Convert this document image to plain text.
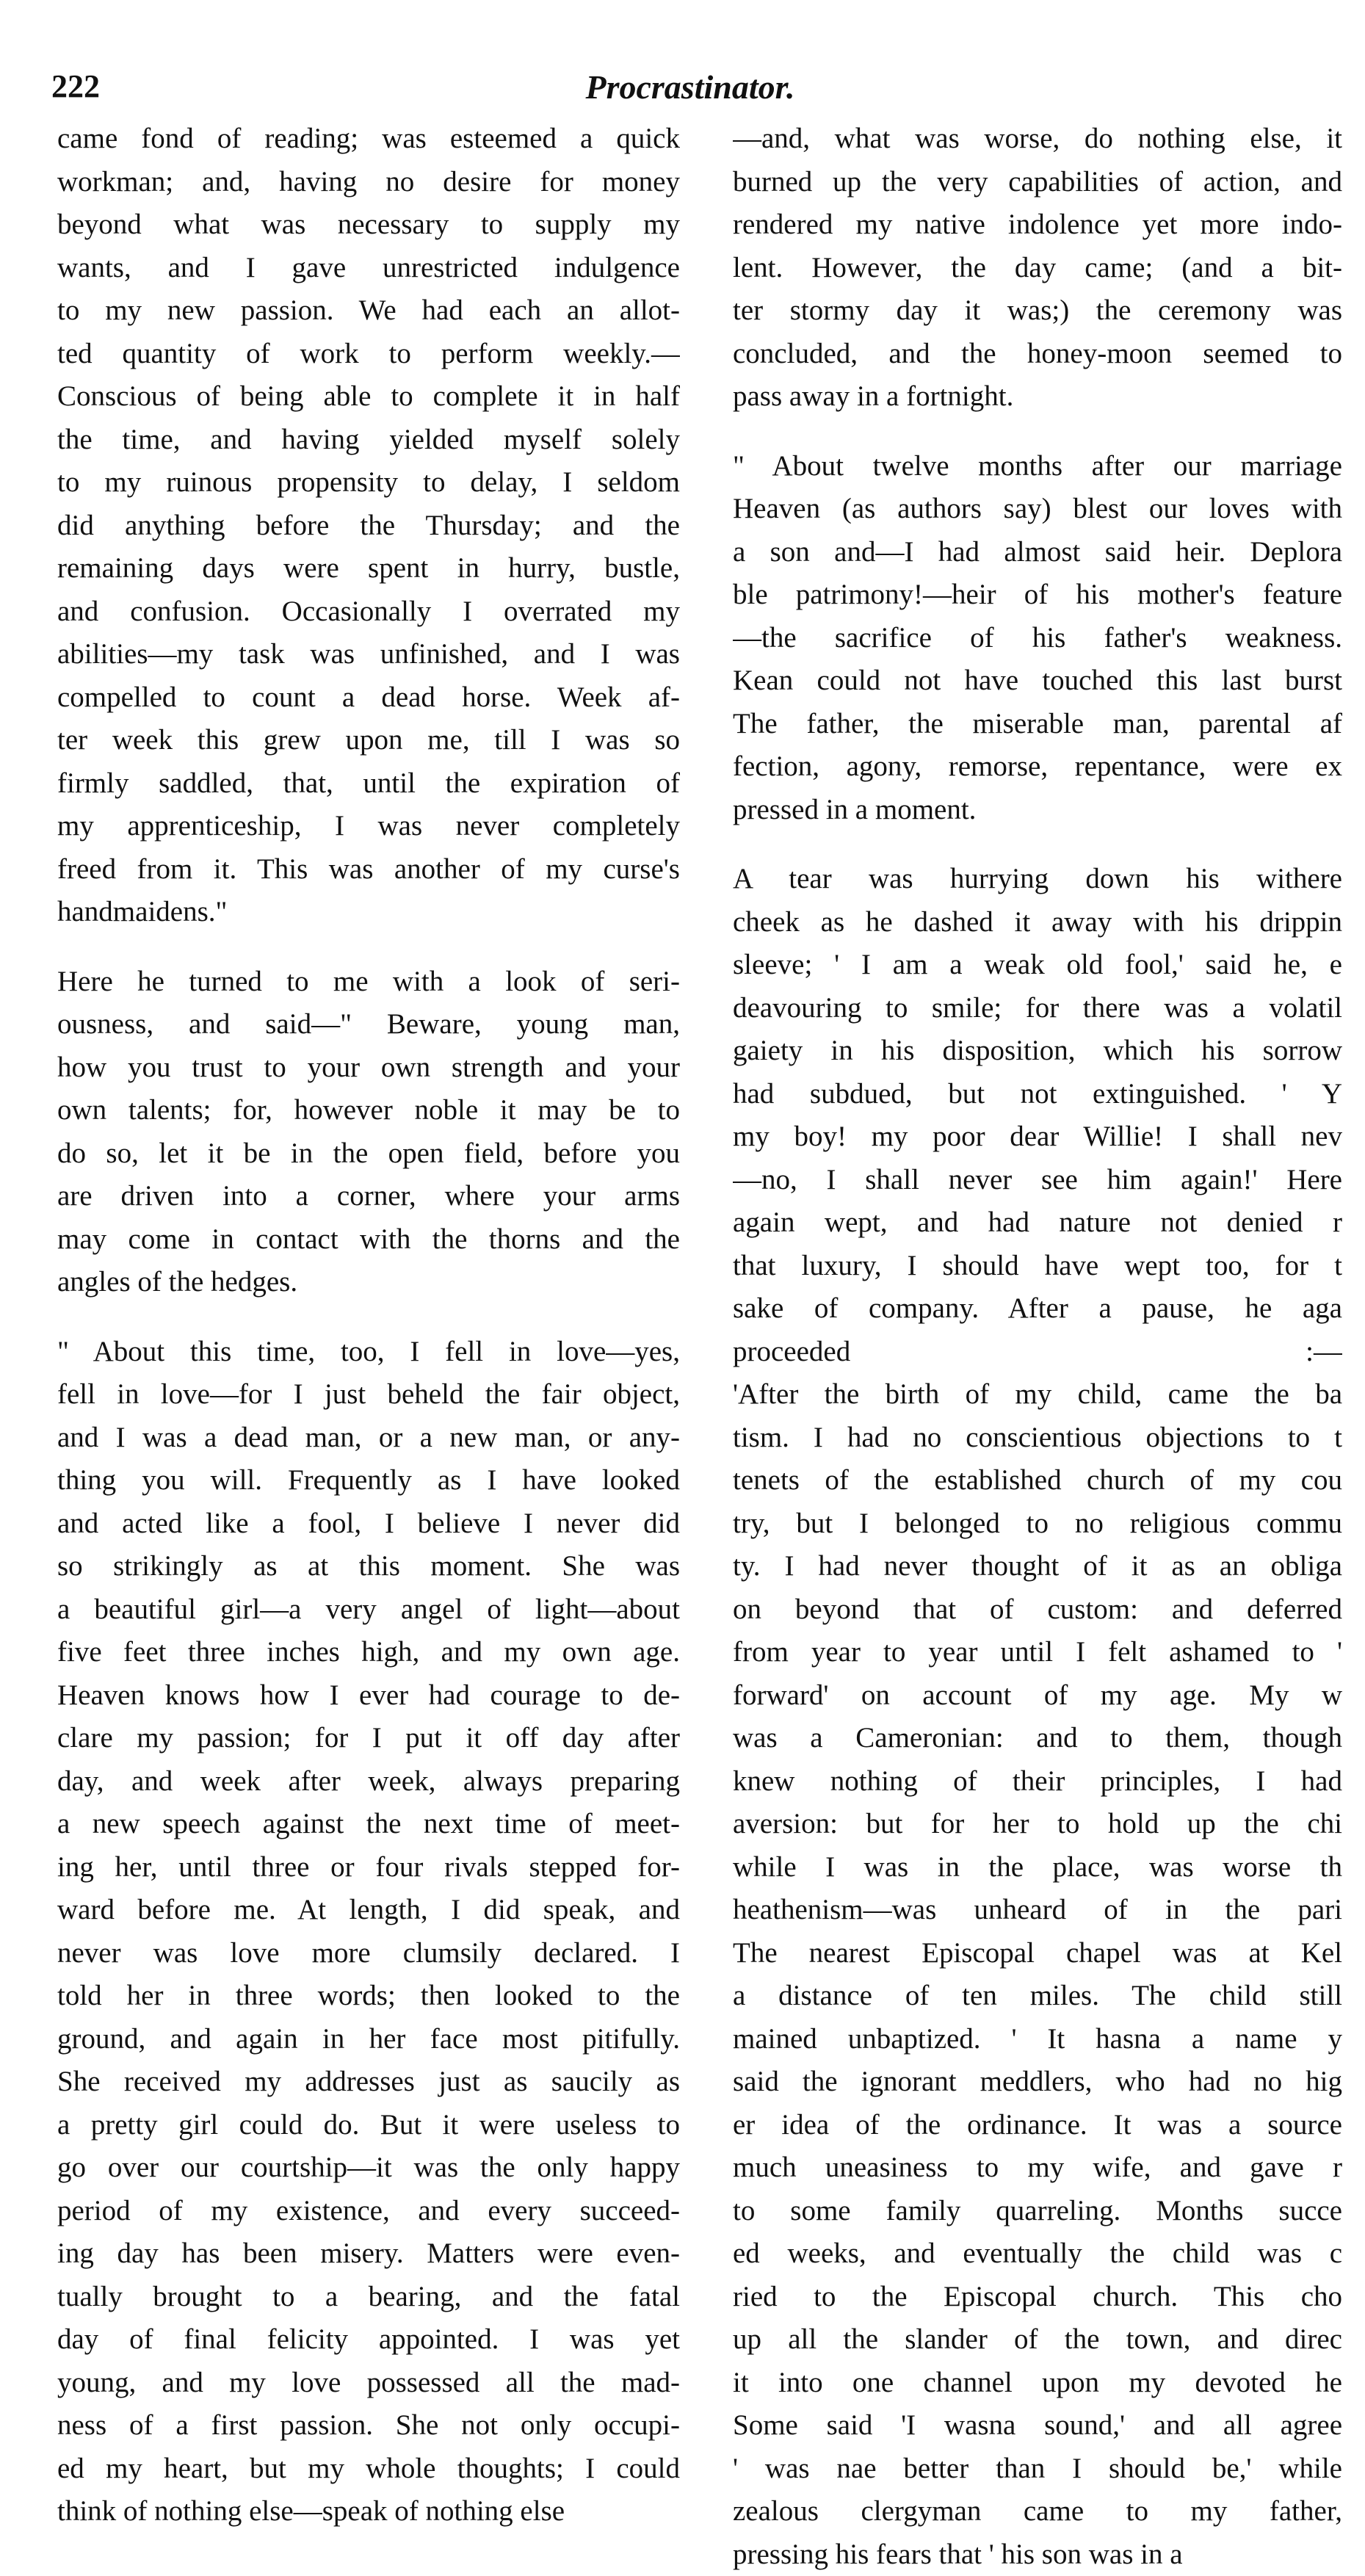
222	Procrastinator.
came fond of reading; was esteemed a quick
workman; and, having no desire for money
beyond what was necessary to supply my
wants, and I gave unrestricted indulgence
to my new passion. We had each an allot-
ted quantity of work to perform weekly.—
Conscious of being able to complete it in half
the time, and having yielded myself solely
to my ruinous propensity to delay, I seldom
did anything before the Thursday; and the
remaining days were spent in hurry, bustle,
and confusion. Occasionally I overrated my
abilities—my task was unfinished, and I was
compelled to count a dead horse. Week af-
ter week this grew upon me, till I was so
firmly saddled, that, until the expiration of
my apprenticeship, I was never completely
freed from it. This was another of my curse's
handmaidens."
Here he turned to me with a look of seri-
ousness, and said—" Beware, young man,
how you trust to your own strength and your
own talents; for, however noble it may be to
do so, let it be in the open field, before you
are driven into a corner, where your arms
may come in contact with the thorns and the
angles of the hedges.
" About this time, too, I fell in love—yes,
fell in love—for I just beheld the fair object,
and I was a dead man, or a new man, or any-
thing you will. Frequently as I have looked
and acted like a fool, I believe I never did
so strikingly as at this moment. She was
a beautiful girl—a very angel of light—about
five feet three inches high, and my own age.
Heaven knows how I ever had courage to de-
clare my passion; for I put it off day after
day, and week after week, always preparing
a new speech against the next time of meet-
ing her, until three or four rivals stepped for-
ward before me. At length, I did speak, and
never was love more clumsily declared. I
told her in three words; then looked to the
ground, and again in her face most pitifully.
She received my addresses just as saucily as
a pretty girl could do. But it were useless to
go over our courtship—it was the only happy
period of my existence, and every succeed-
ing day has been misery. Matters were even-
tually brought to a bearing, and the fatal
day of final felicity appointed. I was yet
young, and my love possessed all the mad-
ness of a first passion. She not only occupi-
ed my heart, but my whole thoughts; I could
think of nothing else—speak of nothing else
—and, what was worse, do nothing else, it
burned up the very capabilities of action, and
rendered my native indolence yet more indo-
lent. However, the day came; (and a bit-
ter stormy day it was;) the ceremony was
concluded, and the honey-moon seemed to
pass away in a fortnight.
" About twelve months after our marriage
Heaven (as authors say) blest our loves with
a son and—I had almost said heir. Deplora
ble patrimony!—heir of his mother's feature
—the sacrifice of his father's weakness.
Kean could not have touched this last burst
The father, the miserable man, parental af
fection, agony, remorse, repentance, were ex
pressed in a moment.
A tear was hurrying down his withere
cheek as he dashed it away with his drippin
sleeve; ' I am a weak old fool,' said he, e
deavouring to smile; for there was a volatil
gaiety in his disposition, which his sorrow
had subdued, but not extinguished. ' Y
my boy! my poor dear Willie! I shall nev
—no, I shall never see him again!' Here
again wept, and had nature not denied r
that luxury, I should have wept too, for t
sake of company. After a pause, he aga
proceeded :—
'After the birth of my child, came the ba
tism. I had no conscientious objections to t
tenets of the established church of my cou
try, but I belonged to no religious commu
ty. I had never thought of it as an obliga
on beyond that of custom: and deferred
from year to year until I felt ashamed to '
forward' on account of my age. My w
was a Cameronian: and to them, though
knew nothing of their principles, I had
aversion: but for her to hold up the chi
while I was in the place, was worse th
heathenism—was unheard of in the pari
The nearest Episcopal chapel was at Kel
a distance of ten miles. The child still
mained unbaptized. ' It hasna a name y
said the ignorant meddlers, who had no hig
er idea of the ordinance. It was a source
much uneasiness to my wife, and gave r
to some family quarreling. Months succe
ed weeks, and eventually the child was c
ried to the Episcopal church. This cho
up all the slander of the town, and direc
it into one channel upon my devoted he
Some said 'I wasna sound,' and all agree
' was nae better than I should be,' while
zealous clergyman came to my father,
pressing his fears that ' his son was in a
